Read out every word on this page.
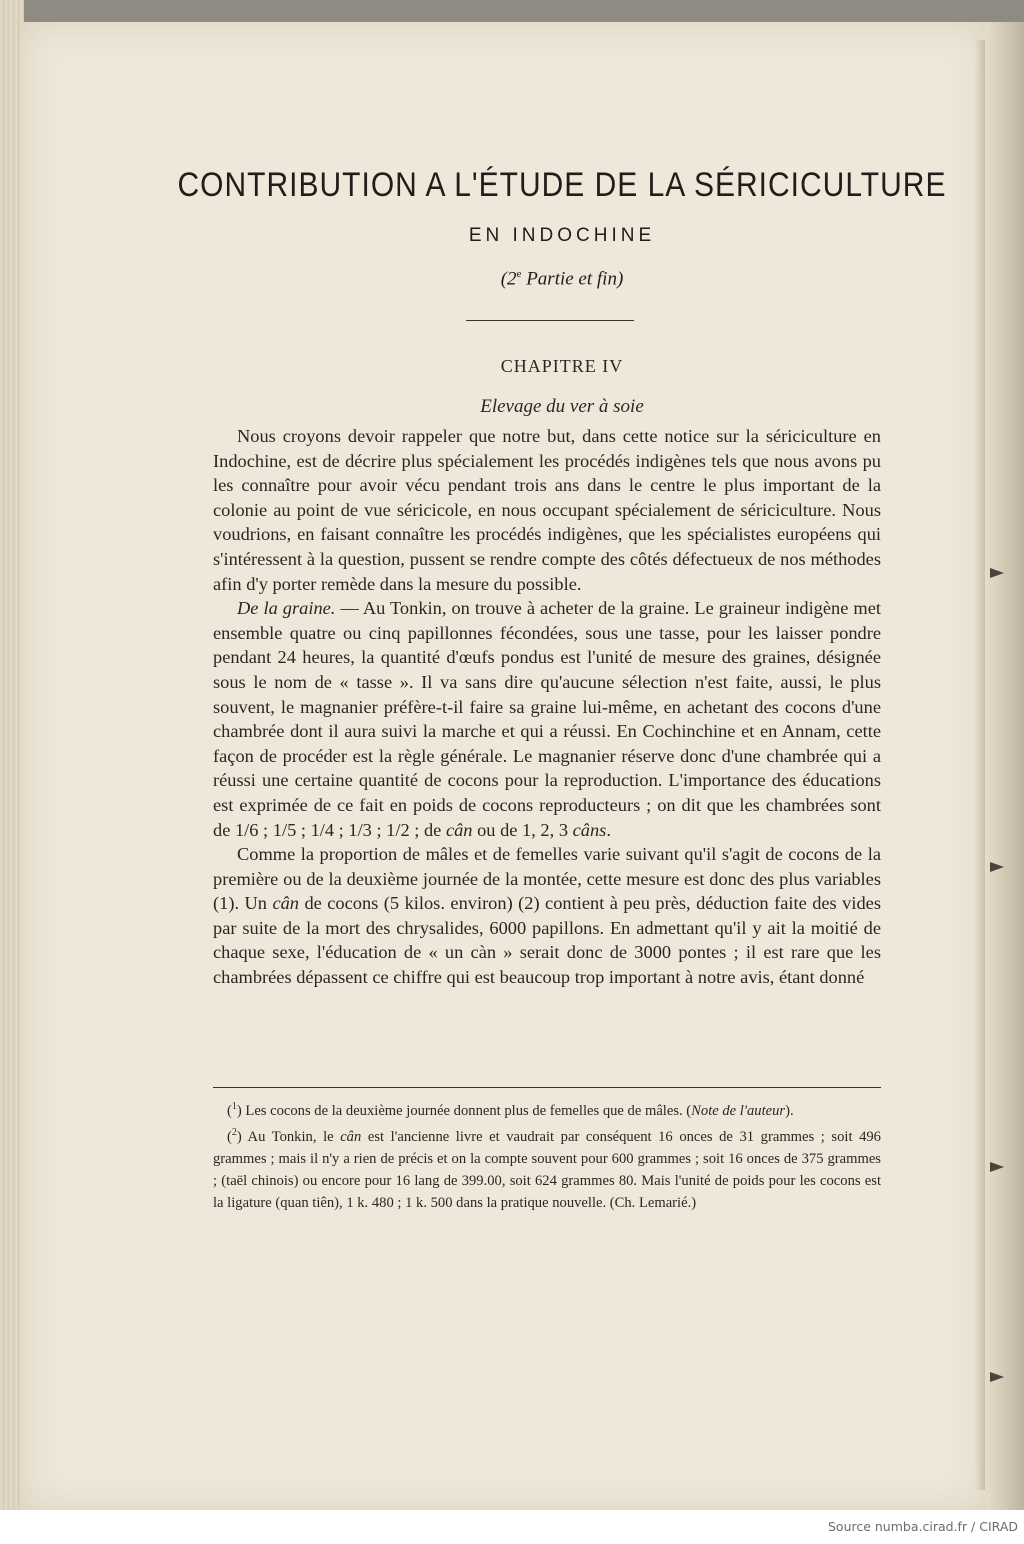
CONTRIBUTION A L'ÉTUDE DE LA SÉRICICULTURE
EN INDOCHINE
(2e Partie et fin)
CHAPITRE IV
Elevage du ver à soie

Nous croyons devoir rappeler que notre but, dans cette notice sur la sériciculture en Indochine, est de décrire plus spécialement les procédés indigènes tels que nous avons pu les connaître pour avoir vécu pendant trois ans dans le centre le plus important de la colonie au point de vue séricicole, en nous occupant spécialement de sériciculture. Nous voudrions, en faisant connaître les procédés indigènes, que les spécialistes européens qui s'intéressent à la question, pussent se rendre compte des côtés défectueux de nos méthodes afin d'y porter remède dans la mesure du possible.

De la graine. — Au Tonkin, on trouve à acheter de la graine. Le graineur indigène met ensemble quatre ou cinq papillonnes fécondées, sous une tasse, pour les laisser pondre pendant 24 heures, la quantité d'œufs pondus est l'unité de mesure des graines, désignée sous le nom de « tasse ». Il va sans dire qu'aucune sélection n'est faite, aussi, le plus souvent, le magnanier préfère-t-il faire sa graine lui-même, en achetant des cocons d'une chambrée dont il aura suivi la marche et qui a réussi. En Cochinchine et en Annam, cette façon de procéder est la règle générale. Le magnanier réserve donc d'une chambrée qui a réussi une certaine quantité de cocons pour la reproduction. L'importance des éducations est exprimée de ce fait en poids de cocons reproducteurs ; on dit que les chambrées sont de 1/6 ; 1/5 ; 1/4 ; 1/3 ; 1/2 ; de cân ou de 1, 2, 3 câns.

Comme la proportion de mâles et de femelles varie suivant qu'il s'agit de cocons de la première ou de la deuxième journée de la montée, cette mesure est donc des plus variables (1). Un cân de cocons (5 kilos. environ) (2) contient à peu près, déduction faite des vides par suite de la mort des chrysalides, 6000 papillons. En admettant qu'il y ait la moitié de chaque sexe, l'éducation de « un càn » serait donc de 3000 pontes ; il est rare que les chambrées dépassent ce chiffre qui est beaucoup trop important à notre avis, étant donné

($^1$) Les cocons de la deuxième journée donnent plus de femelles que de mâles. (Note de l'auteur).

($^2$) Au Tonkin, le cân est l'ancienne livre et vaudrait par conséquent 16 onces de 31 grammes ; soit 496 grammes ; mais il n'y a rien de précis et on la compte souvent pour 600 grammes ; soit 16 onces de 375 grammes ; (taël chinois) ou encore pour 16 lang de 399.00, soit 624 grammes 80. Mais l'unité de poids pour les cocons est la ligature (quan tiên), 1 k. 480 ; 1 k. 500 dans la pratique nouvelle. (Ch. Lemarié.)

Source numba.cirad.fr / CIRAD
